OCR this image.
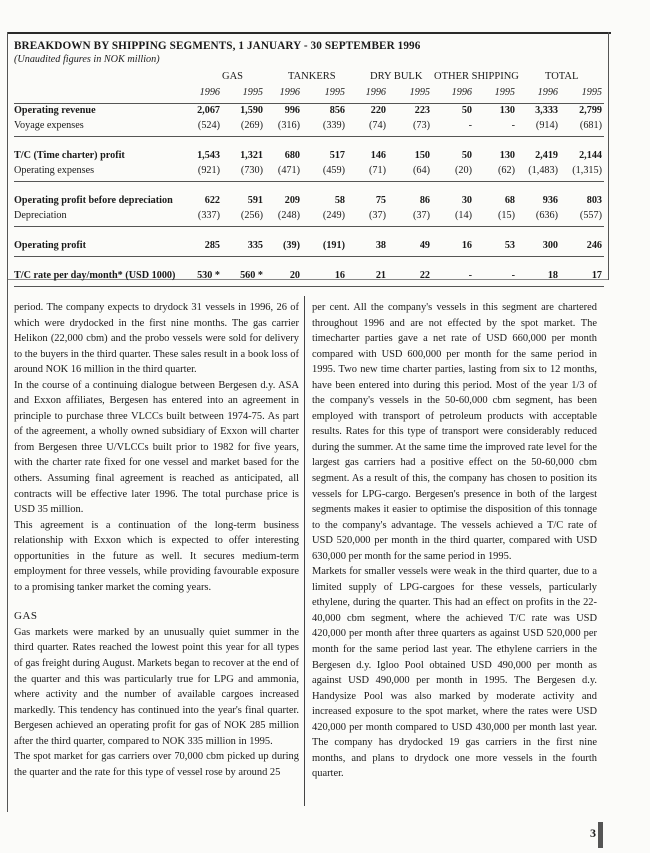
BREAKDOWN BY SHIPPING SEGMENTS, 1 JANUARY - 30 SEPTEMBER 1996
(Unaudited figures in NOK million)
GAS	TANKERS	DRY BULK OTHER SHIPPING TOTAL
1996	1995	1996	1995	1996	1995	1996	1995	1996	1995
Operating revenue	2,067	1,590	996	856	220	223	50	130	3,333	2,799
Voyage expenses	(524)	(269)	(316)	(339)	(74)	(73)	-	-	(914)	(681)
T/C (Time charter) profit	1,543	1,321	680	517	146	150	50	130	2,419	2,144
Operating expenses	(921)	(730)	(471)	(459)	(71)	(64)	(20)	(62)	(1,483)	(1,315)
Operating profit before depreciation	622	591	209	58	75	86	30	68	936	803
Depreciation	(337)	(256)	(248)	(249)	(37)	(37)	(14)	(15)	(636)	(557)
Operating profit	285	335	(39)	(191)	38	49	16	53	300	246
T/C rate per day/month* (USD 1000)	530 *	560 *	20	16	21	22	-	-	18	17

period. The company expects to drydock 31 vessels in 1996, 26 of which were drydocked in the first nine months. The gas carrier Helikon (22,000 cbm) and the probo vessels were sold for delivery to the buyers in the third quarter. These sales result in a book loss of around NOK 16 million in the third quarter.

In the course of a continuing dialogue between Bergesen d.y. ASA and Exxon affiliates, Bergesen has entered into an agreement in principle to purchase three VLCCs built between 1974-75. As part of the agreement, a wholly owned subsidiary of Exxon will charter from Bergesen three U/VLCCs built prior to 1982 for five years, with the charter rate fixed for one vessel and market based for the others. Assuming final agreement is reached as anticipated, all contracts will be effective later 1996. The total purchase price is USD 35 million.

This agreement is a continuation of the long-term business relationship with Exxon which is expected to offer interesting opportunities in the future as well. It secures medium-term employment for three vessels, while providing favourable exposure to a promising tanker market the coming years.

GAS

Gas markets were marked by an unusually quiet summer in the third quarter. Rates reached the lowest point this year for all types of gas freight during August. Markets began to recover at the end of the quarter and this was particularly true for LPG and ammonia, where activity and the number of available cargoes increased markedly. This tendency has continued into the year's final quarter. Bergesen achieved an operating profit for gas of NOK 285 million after the third quarter, compared to NOK 335 million in 1995.

The spot market for gas carriers over 70,000 cbm picked up during the quarter and the rate for this type of vessel rose by around 25

per cent. All the company's vessels in this segment are chartered throughout 1996 and are not effected by the spot market. The timecharter parties gave a net rate of USD 660,000 per month compared with USD 600,000 per month for the same period in 1995. Two new time charter parties, lasting from six to 12 months, have been entered into during this period. Most of the year 1/3 of the company's vessels in the 50-60,000 cbm segment, has been employed with transport of petroleum products with acceptable results. Rates for this type of transport were considerably reduced during the summer. At the same time the improved rate level for the largest gas carriers had a positive effect on the 50-60,000 cbm segment. As a result of this, the company has chosen to position its vessels for LPG-cargo. Bergesen's presence in both of the largest segments makes it easier to optimise the disposition of this tonnage to the company's advantage. The vessels achieved a T/C rate of USD 520,000 per month in the third quarter, compared with USD 630,000 per month for the same period in 1995.

Markets for smaller vessels were weak in the third quarter, due to a limited supply of LPG-cargoes for these vessels, particularly ethylene, during the quarter. This had an effect on profits in the 22-40,000 cbm segment, where the achieved T/C rate was USD 420,000 per month after three quarters as against USD 520,000 per month for the same period last year. The ethylene carriers in the Bergesen d.y. Igloo Pool obtained USD 490,000 per month as against USD 490,000 per month in 1995. The Bergesen d.y. Handysize Pool was also marked by moderate activity and increased exposure to the spot market, where the rates were USD 420,000 per month compared to USD 430,000 per month last year. The company has drydocked 19 gas carriers in the first nine months, and plans to drydock one more vessels in the fourth quarter.

3
